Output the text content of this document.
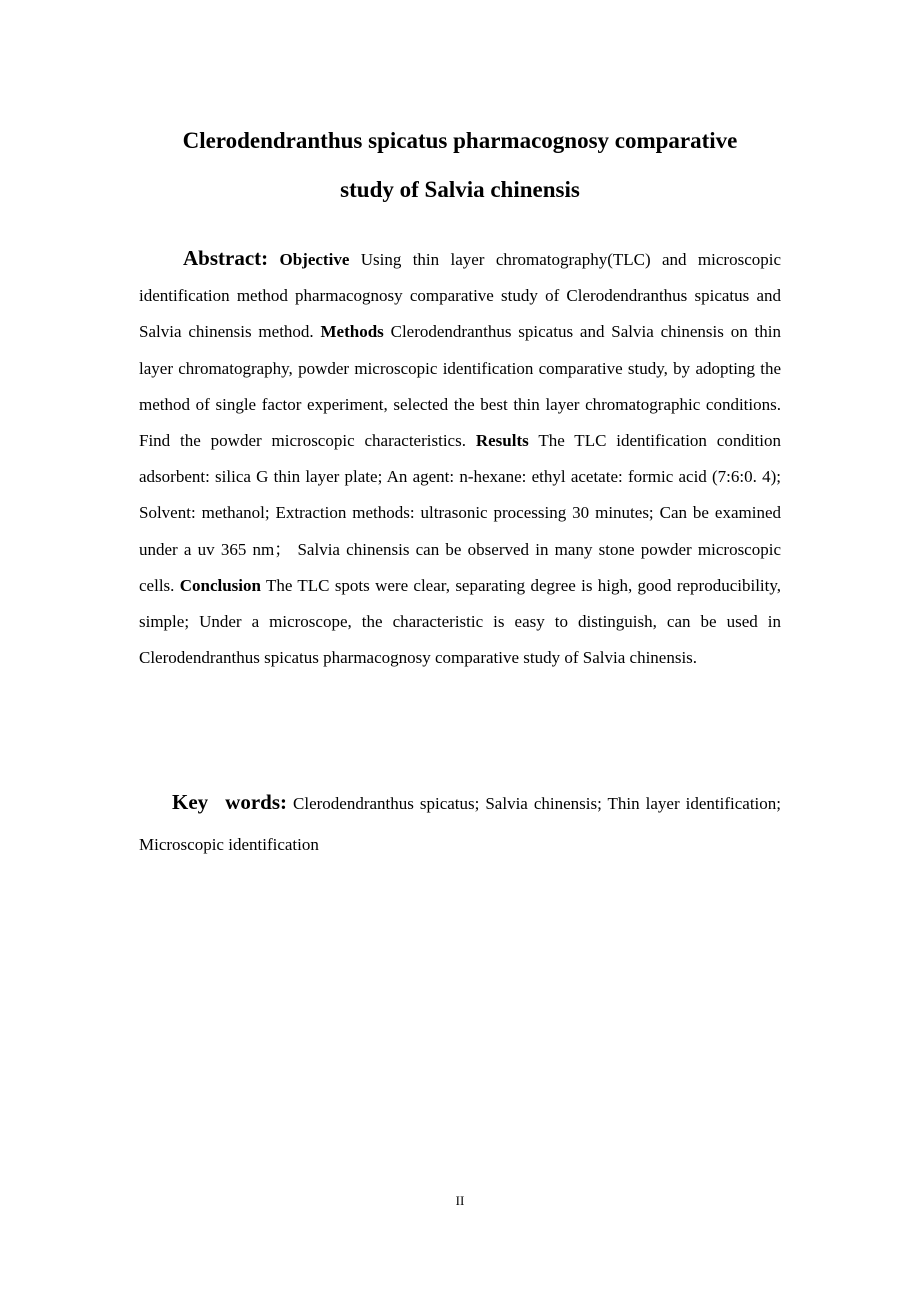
Clerodendranthus spicatus pharmacognosy comparative
study of Salvia chinensis

Abstract: Objective Using thin layer chromatography(TLC) and microscopic identification method pharmacognosy comparative study of Clerodendranthus spicatus and Salvia chinensis method. Methods Clerodendranthus spicatus and Salvia chinensis on thin layer chromatography, powder microscopic identification comparative study, by adopting the method of single factor experiment, selected the best thin layer chromatographic conditions. Find the powder microscopic characteristics. Results The TLC identification condition adsorbent: silica G thin layer plate; An agent: n-hexane: ethyl acetate: formic acid (7:6:0. 4); Solvent: methanol; Extraction methods: ultrasonic processing 30 minutes; Can be examined under a uv 365 nm； Salvia chinensis can be observed in many stone powder microscopic cells. Conclusion The TLC spots were clear, separating degree is high, good reproducibility, simple; Under a microscope, the characteristic is easy to distinguish, can be used in Clerodendranthus spicatus pharmacognosy comparative study of Salvia chinensis.

Key words: Clerodendranthus spicatus; Salvia chinensis; Thin layer identification; Microscopic identification

II
